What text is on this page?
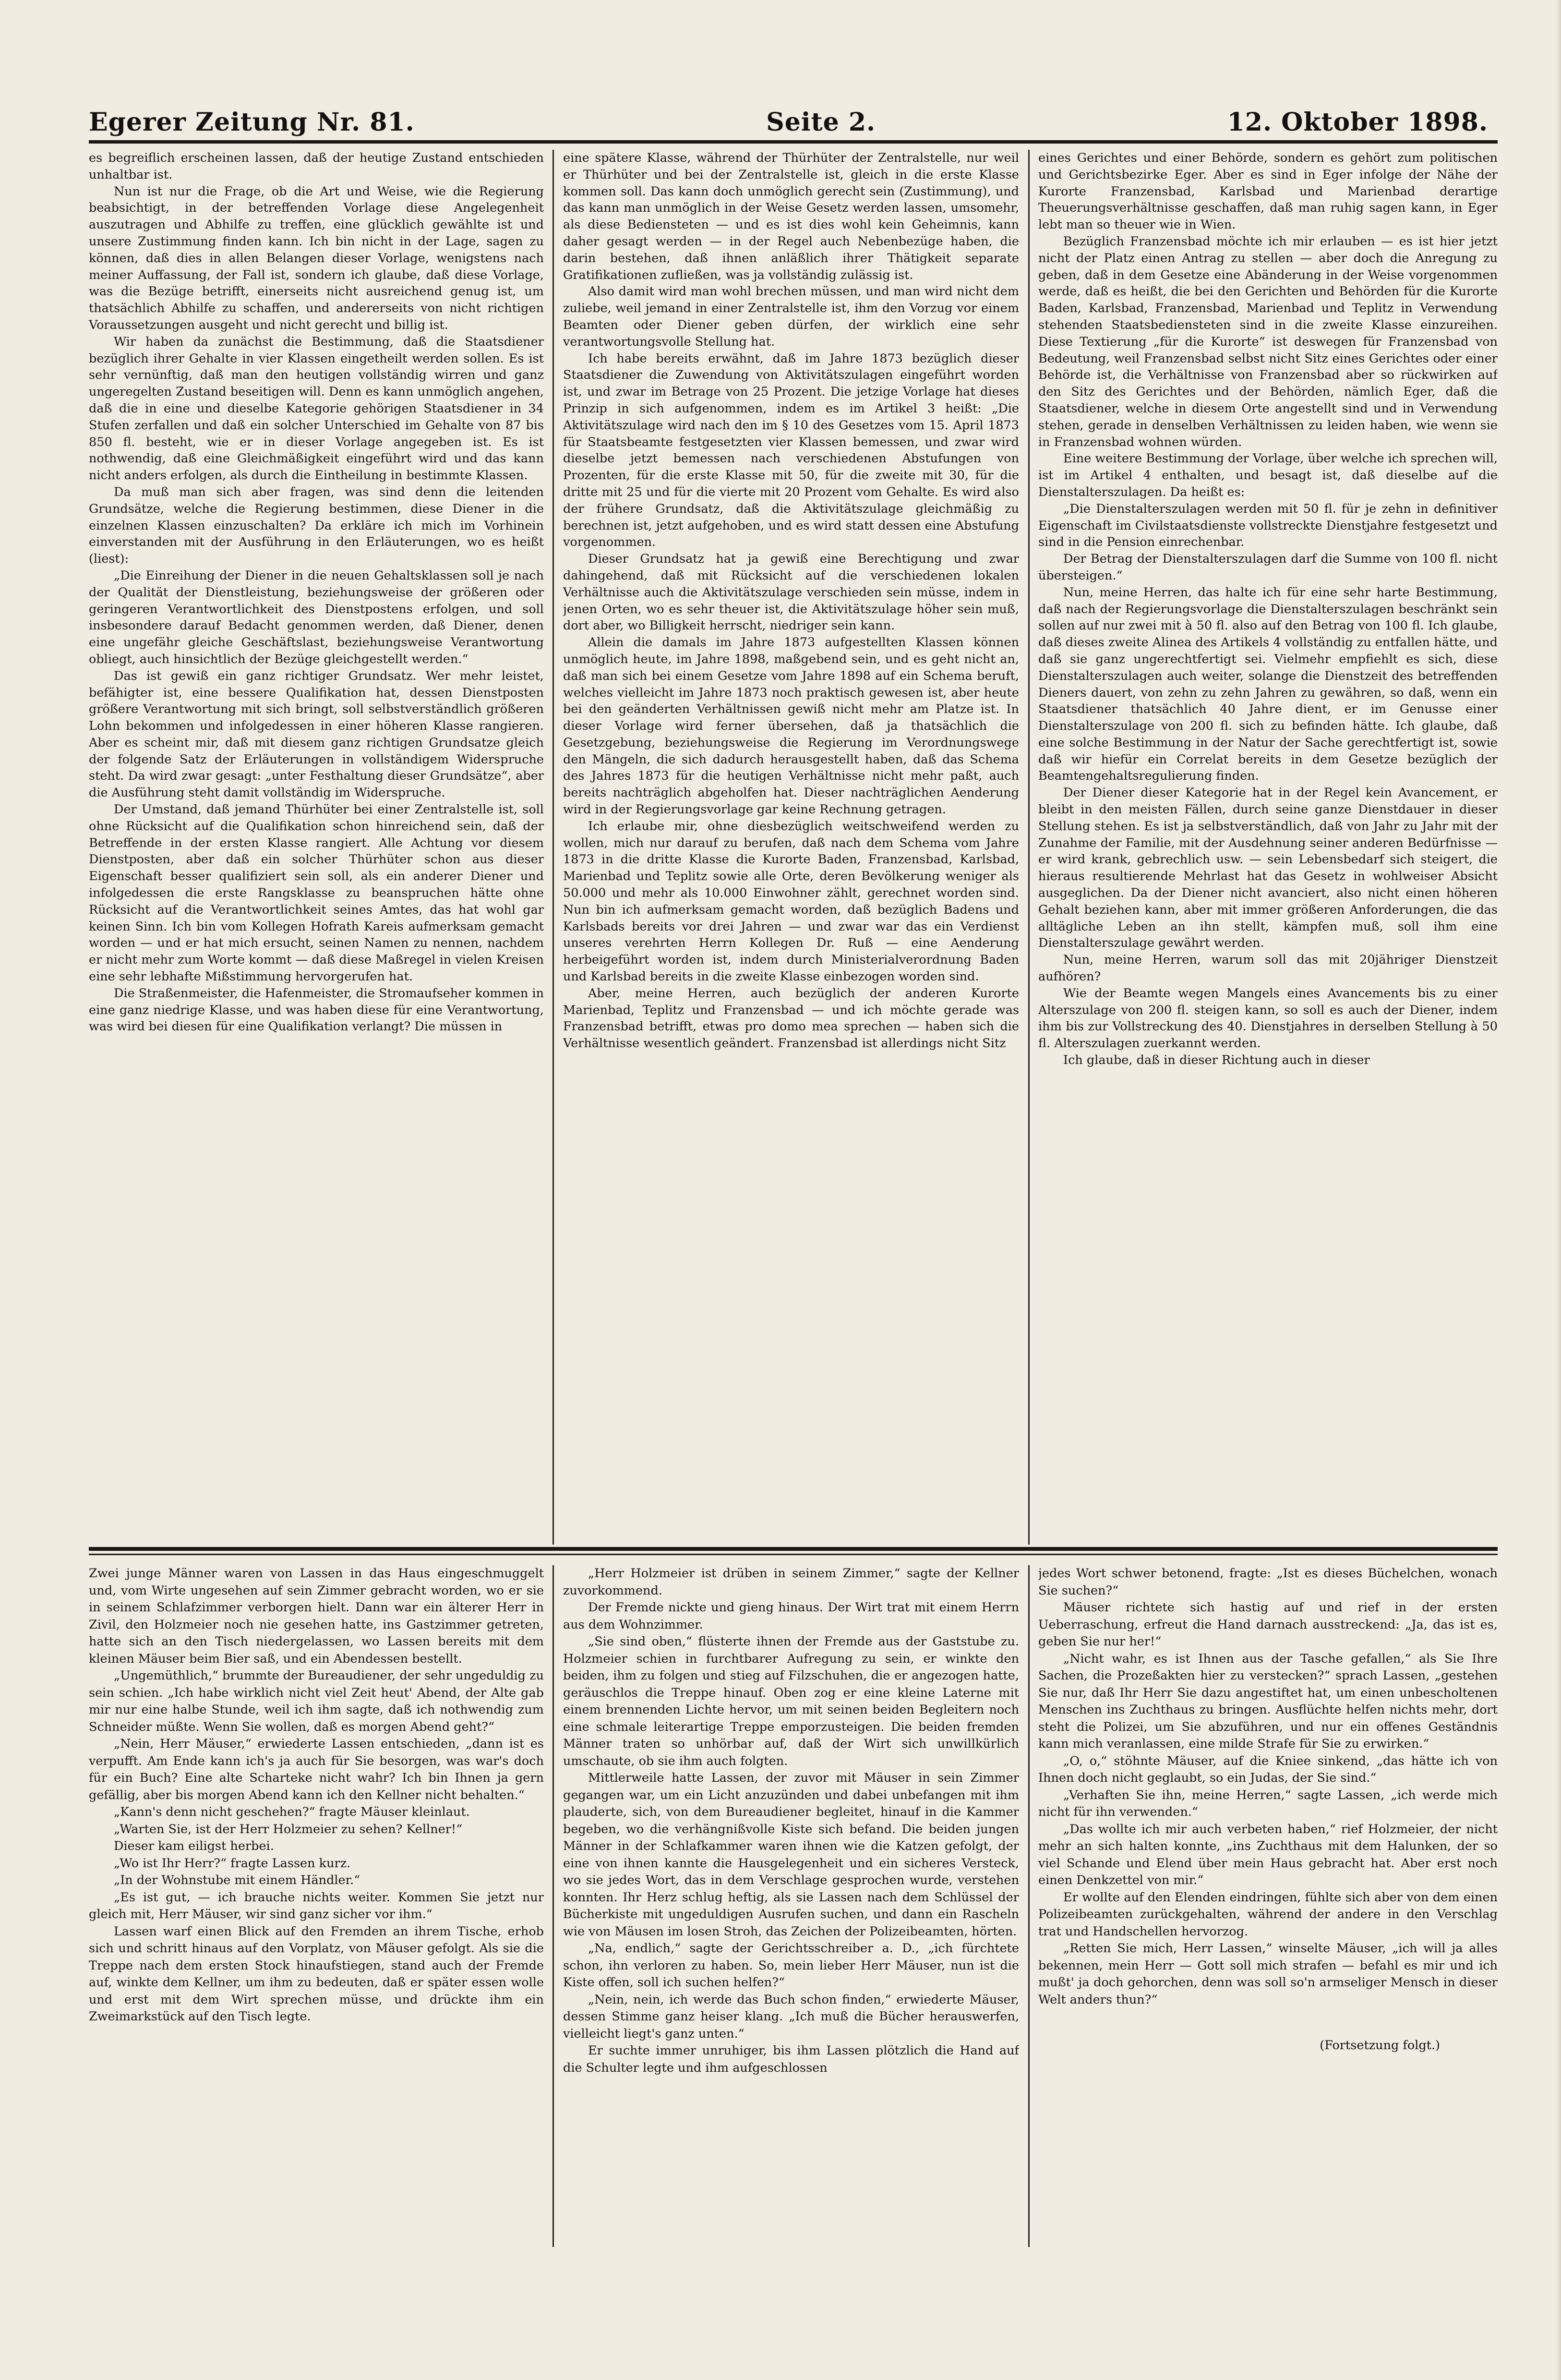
Egerer Zeitung Nr. 81.	Seite 2.	12. Oktober 1898.

es begreiflich erscheinen lassen, daß der heutige Zustand entschieden unhaltbar ist.

Nun ist nur die Frage, ob die Art und Weise, wie die Regierung beabsichtigt, in der betreffenden Vorlage diese Angelegenheit auszutragen und Abhilfe zu treffen, eine glücklich gewählte ist und unsere Zustimmung finden kann. Ich bin nicht in der Lage, sagen zu können, daß dies in allen Belangen dieser Vorlage, wenigstens nach meiner Auffassung, der Fall ist, sondern ich glaube, daß diese Vorlage, was die Bezüge betrifft, einerseits nicht ausreichend genug ist, um thatsächlich Abhilfe zu schaffen, und andererseits von nicht richtigen Voraussetzungen ausgeht und nicht gerecht und billig ist.

Wir haben da zunächst die Bestimmung, daß die Staatsdiener bezüglich ihrer Gehalte in vier Klassen eingetheilt werden sollen. Es ist sehr vernünftig, daß man den heutigen vollständig wirren und ganz ungeregelten Zustand beseitigen will. Denn es kann unmöglich angehen, daß die in eine und dieselbe Kategorie gehörigen Staatsdiener in 34 Stufen zerfallen und daß ein solcher Unterschied im Gehalte von 87 bis 850 fl. besteht, wie er in dieser Vorlage angegeben ist. Es ist nothwendig, daß eine Gleichmäßigkeit eingeführt wird und das kann nicht anders erfolgen, als durch die Eintheilung in bestimmte Klassen.

Da muß man sich aber fragen, was sind denn die leitenden Grundsätze, welche die Regierung bestimmen, diese Diener in die einzelnen Klassen einzuschalten? Da erkläre ich mich im Vorhinein einverstanden mit der Ausführung in den Erläuterungen, wo es heißt (liest):

„Die Einreihung der Diener in die neuen Gehaltsklassen soll je nach der Qualität der Dienstleistung, beziehungsweise der größeren oder geringeren Verantwortlichkeit des Dienstpostens erfolgen, und soll insbesondere darauf Bedacht genommen werden, daß Diener, denen eine ungefähr gleiche Geschäftslast, beziehungsweise Verantwortung obliegt, auch hinsichtlich der Bezüge gleichgestellt werden.“

Das ist gewiß ein ganz richtiger Grundsatz. Wer mehr leistet, befähigter ist, eine bessere Qualifikation hat, dessen Dienstposten größere Verantwortung mit sich bringt, soll selbstverständlich größeren Lohn bekommen und infolgedessen in einer höheren Klasse rangieren. Aber es scheint mir, daß mit diesem ganz richtigen Grundsatze gleich der folgende Satz der Erläuterungen in vollständigem Widerspruche steht. Da wird zwar gesagt: „unter Festhaltung dieser Grundsätze“, aber die Ausführung steht damit vollständig im Widerspruche.

Der Umstand, daß jemand Thürhüter bei einer Zentralstelle ist, soll ohne Rücksicht auf die Qualifikation schon hinreichend sein, daß der Betreffende in der ersten Klasse rangiert. Alle Achtung vor diesem Dienstposten, aber daß ein solcher Thürhüter schon aus dieser Eigenschaft besser qualifiziert sein soll, als ein anderer Diener und infolgedessen die erste Rangsklasse zu beanspruchen hätte ohne Rücksicht auf die Verantwortlichkeit seines Amtes, das hat wohl gar keinen Sinn. Ich bin vom Kollegen Hofrath Kareis aufmerksam gemacht worden — und er hat mich ersucht, seinen Namen zu nennen, nachdem er nicht mehr zum Worte kommt — daß diese Maßregel in vielen Kreisen eine sehr lebhafte Mißstimmung hervorgerufen hat.

Die Straßenmeister, die Hafenmeister, die Stromaufseher kommen in eine ganz niedrige Klasse, und was haben diese für eine Verantwortung, was wird bei diesen für eine Qualifikation verlangt? Die müssen in

eine spätere Klasse, während der Thürhüter der Zentralstelle, nur weil er Thürhüter und bei der Zentralstelle ist, gleich in die erste Klasse kommen soll. Das kann doch unmöglich gerecht sein (Zustimmung), und das kann man unmöglich in der Weise Gesetz werden lassen, umsomehr, als diese Bediensteten — und es ist dies wohl kein Geheimnis, kann daher gesagt werden — in der Regel auch Nebenbezüge haben, die darin bestehen, daß ihnen anläßlich ihrer Thätigkeit separate Gratifikationen zufließen, was ja vollständig zulässig ist.

Also damit wird man wohl brechen müssen, und man wird nicht dem zuliebe, weil jemand in einer Zentralstelle ist, ihm den Vorzug vor einem Beamten oder Diener geben dürfen, der wirklich eine sehr verantwortungsvolle Stellung hat.

Ich habe bereits erwähnt, daß im Jahre 1873 bezüglich dieser Staatsdiener die Zuwendung von Aktivitätszulagen eingeführt worden ist, und zwar im Betrage von 25 Prozent. Die jetzige Vorlage hat dieses Prinzip in sich aufgenommen, indem es im Artikel 3 heißt: „Die Aktivitätszulage wird nach den im § 10 des Gesetzes vom 15. April 1873 für Staatsbeamte festgesetzten vier Klassen bemessen, und zwar wird dieselbe jetzt bemessen nach verschiedenen Abstufungen von Prozenten, für die erste Klasse mit 50, für die zweite mit 30, für die dritte mit 25 und für die vierte mit 20 Prozent vom Gehalte. Es wird also der frühere Grundsatz, daß die Aktivitätszulage gleichmäßig zu berechnen ist, jetzt aufgehoben, und es wird statt dessen eine Abstufung vorgenommen.

Dieser Grundsatz hat ja gewiß eine Berechtigung und zwar dahingehend, daß mit Rücksicht auf die verschiedenen lokalen Verhältnisse auch die Aktivitätszulage verschieden sein müsse, indem in jenen Orten, wo es sehr theuer ist, die Aktivitätszulage höher sein muß, dort aber, wo Billigkeit herrscht, niedriger sein kann.

Allein die damals im Jahre 1873 aufgestellten Klassen können unmöglich heute, im Jahre 1898, maßgebend sein, und es geht nicht an, daß man sich bei einem Gesetze vom Jahre 1898 auf ein Schema beruft, welches vielleicht im Jahre 1873 noch praktisch gewesen ist, aber heute bei den geänderten Verhältnissen gewiß nicht mehr am Platze ist. In dieser Vorlage wird ferner übersehen, daß ja thatsächlich die Gesetzgebung, beziehungsweise die Regierung im Verordnungswege den Mängeln, die sich dadurch herausgestellt haben, daß das Schema des Jahres 1873 für die heutigen Verhältnisse nicht mehr paßt, auch bereits nachträglich abgeholfen hat. Dieser nachträglichen Aenderung wird in der Regierungsvorlage gar keine Rechnung getragen.

Ich erlaube mir, ohne diesbezüglich weitschweifend werden zu wollen, mich nur darauf zu berufen, daß nach dem Schema vom Jahre 1873 in die dritte Klasse die Kurorte Baden, Franzensbad, Karlsbad, Marienbad und Teplitz sowie alle Orte, deren Bevölkerung weniger als 50.000 und mehr als 10.000 Einwohner zählt, gerechnet worden sind. Nun bin ich aufmerksam gemacht worden, daß bezüglich Badens und Karlsbads bereits vor drei Jahren — und zwar war das ein Verdienst unseres verehrten Herrn Kollegen Dr. Ruß — eine Aenderung herbeigeführt worden ist, indem durch Ministerialverordnung Baden und Karlsbad bereits in die zweite Klasse einbezogen worden sind.

Aber, meine Herren, auch bezüglich der anderen Kurorte Marienbad, Teplitz und Franzensbad — und ich möchte gerade was Franzensbad betrifft, etwas pro domo mea sprechen — haben sich die Verhältnisse wesentlich geändert. Franzensbad ist allerdings nicht Sitz

eines Gerichtes und einer Behörde, sondern es gehört zum politischen und Gerichtsbezirke Eger. Aber es sind in Eger infolge der Nähe der Kurorte Franzensbad, Karlsbad und Marienbad derartige Theuerungsverhältnisse geschaffen, daß man ruhig sagen kann, in Eger lebt man so theuer wie in Wien.

Bezüglich Franzensbad möchte ich mir erlauben — es ist hier jetzt nicht der Platz einen Antrag zu stellen — aber doch die Anregung zu geben, daß in dem Gesetze eine Abänderung in der Weise vorgenommen werde, daß es heißt, die bei den Gerichten und Behörden für die Kurorte Baden, Karlsbad, Franzensbad, Marienbad und Teplitz in Verwendung stehenden Staatsbediensteten sind in die zweite Klasse einzureihen. Diese Textierung „für die Kurorte“ ist deswegen für Franzensbad von Bedeutung, weil Franzensbad selbst nicht Sitz eines Gerichtes oder einer Behörde ist, die Verhältnisse von Franzensbad aber so rückwirken auf den Sitz des Gerichtes und der Behörden, nämlich Eger, daß die Staatsdiener, welche in diesem Orte angestellt sind und in Verwendung stehen, gerade in denselben Verhältnissen zu leiden haben, wie wenn sie in Franzensbad wohnen würden.

Eine weitere Bestimmung der Vorlage, über welche ich sprechen will, ist im Artikel 4 enthalten, und besagt ist, daß dieselbe auf die Dienstalterszulagen. Da heißt es:

„Die Dienstalterszulagen werden mit 50 fl. für je zehn in definitiver Eigenschaft im Civilstaatsdienste vollstreckte Dienstjahre festgesetzt und sind in die Pension einrechenbar.

Der Betrag der Dienstalterszulagen darf die Summe von 100 fl. nicht übersteigen.“

Nun, meine Herren, das halte ich für eine sehr harte Bestimmung, daß nach der Regierungsvorlage die Dienstalterszulagen beschränkt sein sollen auf nur zwei mit à 50 fl. also auf den Betrag von 100 fl. Ich glaube, daß dieses zweite Alinea des Artikels 4 vollständig zu entfallen hätte, und daß sie ganz ungerechtfertigt sei. Vielmehr empfiehlt es sich, diese Dienstalterszulagen auch weiter, solange die Dienstzeit des betreffenden Dieners dauert, von zehn zu zehn Jahren zu gewähren, so daß, wenn ein Staatsdiener thatsächlich 40 Jahre dient, er im Genusse einer Dienstalterszulage von 200 fl. sich zu befinden hätte. Ich glaube, daß eine solche Bestimmung in der Natur der Sache gerechtfertigt ist, sowie daß wir hiefür ein Correlat bereits in dem Gesetze bezüglich der Beamtengehaltsregulierung finden.

Der Diener dieser Kategorie hat in der Regel kein Avancement, er bleibt in den meisten Fällen, durch seine ganze Dienstdauer in dieser Stellung stehen. Es ist ja selbstverständlich, daß von Jahr zu Jahr mit der Zunahme der Familie, mit der Ausdehnung seiner anderen Bedürfnisse — er wird krank, gebrechlich usw. — sein Lebensbedarf sich steigert, die hieraus resultierende Mehrlast hat das Gesetz in wohlweiser Absicht ausgeglichen. Da der Diener nicht avanciert, also nicht einen höheren Gehalt beziehen kann, aber mit immer größeren Anforderungen, die das alltägliche Leben an ihn stellt, kämpfen muß, soll ihm eine Dienstalterszulage gewährt werden.

Nun, meine Herren, warum soll das mit 20jähriger Dienstzeit aufhören?

Wie der Beamte wegen Mangels eines Avancements bis zu einer Alterszulage von 200 fl. steigen kann, so soll es auch der Diener, indem ihm bis zur Vollstreckung des 40. Dienstjahres in derselben Stellung à 50 fl. Alterszulagen zuerkannt werden.

Ich glaube, daß in dieser Richtung auch in dieser

Zwei junge Männer waren von Lassen in das Haus eingeschmuggelt und, vom Wirte ungesehen auf sein Zimmer gebracht worden, wo er sie in seinem Schlafzimmer verborgen hielt. Dann war ein älterer Herr in Zivil, den Holzmeier noch nie gesehen hatte, ins Gastzimmer getreten, hatte sich an den Tisch niedergelassen, wo Lassen bereits mit dem kleinen Mäuser beim Bier saß, und ein Abendessen bestellt.

„Ungemüthlich,“ brummte der Bureaudiener, der sehr ungeduldig zu sein schien. „Ich habe wirklich nicht viel Zeit heut' Abend, der Alte gab mir nur eine halbe Stunde, weil ich ihm sagte, daß ich nothwendig zum Schneider müßte. Wenn Sie wollen, daß es morgen Abend geht?“

„Nein, Herr Mäuser,“ erwiederte Lassen entschieden, „dann ist es verpufft. Am Ende kann ich's ja auch für Sie besorgen, was war's doch für ein Buch? Eine alte Scharteke nicht wahr? Ich bin Ihnen ja gern gefällig, aber bis morgen Abend kann ich den Kellner nicht behalten.“

„Kann's denn nicht geschehen?“ fragte Mäuser kleinlaut.

„Warten Sie, ist der Herr Holzmeier zu sehen? Kellner!“

Dieser kam eiligst herbei.

„Wo ist Ihr Herr?“ fragte Lassen kurz.

„In der Wohnstube mit einem Händler.“

„Es ist gut, — ich brauche nichts weiter. Kommen Sie jetzt nur gleich mit, Herr Mäuser, wir sind ganz sicher vor ihm.“

Lassen warf einen Blick auf den Fremden an ihrem Tische, erhob sich und schritt hinaus auf den Vorplatz, von Mäuser gefolgt. Als sie die Treppe nach dem ersten Stock hinaufstiegen, stand auch der Fremde auf, winkte dem Kellner, um ihm zu bedeuten, daß er später essen wolle und erst mit dem Wirt sprechen müsse, und drückte ihm ein Zweimarkstück auf den Tisch legte.

„Herr Holzmeier ist drüben in seinem Zimmer,“ sagte der Kellner zuvorkommend.

Der Fremde nickte und gieng hinaus. Der Wirt trat mit einem Herrn aus dem Wohnzimmer.

„Sie sind oben,“ flüsterte ihnen der Fremde aus der Gaststube zu. Holzmeier schien in furchtbarer Aufregung zu sein, er winkte den beiden, ihm zu folgen und stieg auf Filzschuhen, die er angezogen hatte, geräuschlos die Treppe hinauf. Oben zog er eine kleine Laterne mit einem brennenden Lichte hervor, um mit seinen beiden Begleitern noch eine schmale leiterartige Treppe emporzusteigen. Die beiden fremden Männer traten so unhörbar auf, daß der Wirt sich unwillkürlich umschaute, ob sie ihm auch folgten.

Mittlerweile hatte Lassen, der zuvor mit Mäuser in sein Zimmer gegangen war, um ein Licht anzuzünden und dabei unbefangen mit ihm plauderte, sich, von dem Bureaudiener begleitet, hinauf in die Kammer begeben, wo die verhängnißvolle Kiste sich befand. Die beiden jungen Männer in der Schlafkammer waren ihnen wie die Katzen gefolgt, der eine von ihnen kannte die Hausgelegenheit und ein sicheres Versteck, wo sie jedes Wort, das in dem Verschlage gesprochen wurde, verstehen konnten. Ihr Herz schlug heftig, als sie Lassen nach dem Schlüssel der Bücherkiste mit ungeduldigen Ausrufen suchen, und dann ein Rascheln wie von Mäusen im losen Stroh, das Zeichen der Polizeibeamten, hörten.

„Na, endlich,“ sagte der Gerichtsschreiber a. D., „ich fürchtete schon, ihn verloren zu haben. So, mein lieber Herr Mäuser, nun ist die Kiste offen, soll ich suchen helfen?“

„Nein, nein, ich werde das Buch schon finden,“ erwiederte Mäuser, dessen Stimme ganz heiser klang. „Ich muß die Bücher herauswerfen, vielleicht liegt's ganz unten.“

Er suchte immer unruhiger, bis ihm Lassen plötzlich die Hand auf die Schulter legte und ihm aufgeschlossen

jedes Wort schwer betonend, fragte: „Ist es dieses Büchelchen, wonach Sie suchen?“

Mäuser richtete sich hastig auf und rief in der ersten Ueberraschung, erfreut die Hand darnach ausstreckend: „Ja, das ist es, geben Sie nur her!“

„Nicht wahr, es ist Ihnen aus der Tasche gefallen,“ als Sie Ihre Sachen, die Prozeßakten hier zu verstecken?“ sprach Lassen, „gestehen Sie nur, daß Ihr Herr Sie dazu angestiftet hat, um einen unbescholtenen Menschen ins Zuchthaus zu bringen. Ausflüchte helfen nichts mehr, dort steht die Polizei, um Sie abzuführen, und nur ein offenes Geständnis kann mich veranlassen, eine milde Strafe für Sie zu erwirken.“

„O, o,“ stöhnte Mäuser, auf die Kniee sinkend, „das hätte ich von Ihnen doch nicht geglaubt, so ein Judas, der Sie sind.“

„Verhaften Sie ihn, meine Herren,“ sagte Lassen, „ich werde mich nicht für ihn verwenden.“

„Das wollte ich mir auch verbeten haben,“ rief Holzmeier, der nicht mehr an sich halten konnte, „ins Zuchthaus mit dem Halunken, der so viel Schande und Elend über mein Haus gebracht hat. Aber erst noch einen Denkzettel von mir.“

Er wollte auf den Elenden eindringen, fühlte sich aber von dem einen Polizeibeamten zurückgehalten, während der andere in den Verschlag trat und Handschellen hervorzog.

„Retten Sie mich, Herr Lassen,“ winselte Mäuser, „ich will ja alles bekennen, mein Herr — Gott soll mich strafen — befahl es mir und ich mußt' ja doch gehorchen, denn was soll so'n armseliger Mensch in dieser Welt anders thun?“

(Fortsetzung folgt.)
